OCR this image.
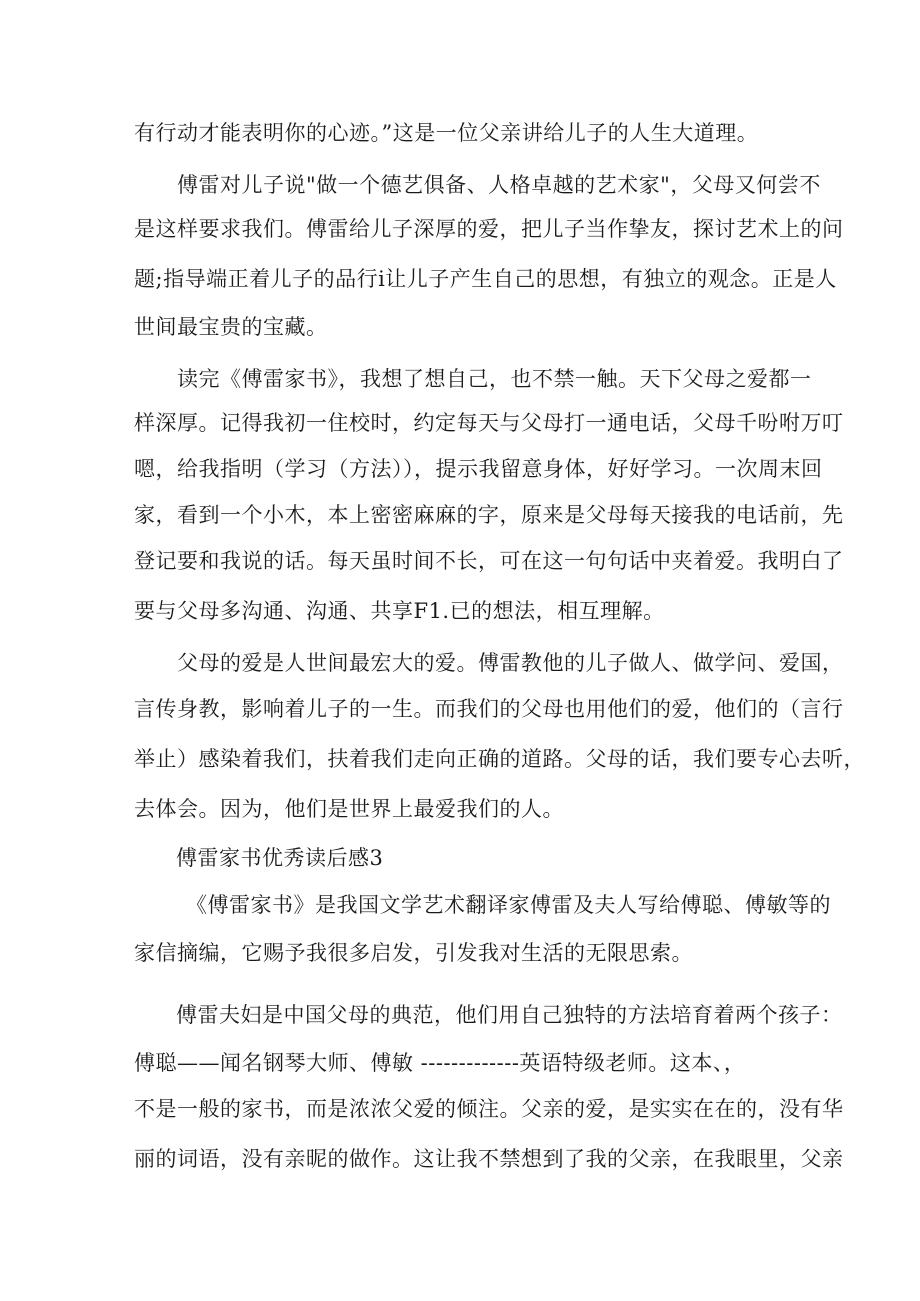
有行动才能表明你的心迹。”这是一位父亲讲给儿子的人生大道理。
傅雷对儿子说"做一个德艺俱备、人格卓越的艺术家"，父母又何尝不
是这样要求我们。傅雷给儿子深厚的爱，把儿子当作挚友，探讨艺术上的问
题;指导端正着儿子的品行i让儿子产生自己的思想，有独立的观念。正是人
世间最宝贵的宝藏。
读完《傅雷家书》，我想了想自己，也不禁一触。天下父母之爱都一
样深厚。记得我初一住校时，约定每天与父母打一通电话，父母千吩咐万叮
嗯，给我指明（学习（方法）），提示我留意身体，好好学习。一次周末回
家，看到一个小木，本上密密麻麻的字，原来是父母每天接我的电话前，先
登记要和我说的话。每天虽时间不长，可在这一句句话中夹着爱。我明白了
要与父母多沟通、沟通、共享F1.已的想法，相互理解。
父母的爱是人世间最宏大的爱。傅雷教他的儿子做人、做学问、爱国，
言传身教，影响着儿子的一生。而我们的父母也用他们的爱，他们的（言行
举止）感染着我们，扶着我们走向正确的道路。父母的话，我们要专心去听，
去体会。因为，他们是世界上最爱我们的人。
傅雷家书优秀读后感3
《傅雷家书》是我国文学艺术翻译家傅雷及夫人写给傅聪、傅敏等的
家信摘编，它赐予我很多启发，引发我对生活的无限思索。
傅雷夫妇是中国父母的典范，他们用自己独特的方法培育着两个孩子：
傅聪——闻名钢琴大师、傅敏 -------------英语特级老师。这本、，
不是一般的家书，而是浓浓父爱的倾注。父亲的爱，是实实在在的，没有华
丽的词语，没有亲昵的做作。这让我不禁想到了我的父亲，在我眼里，父亲
